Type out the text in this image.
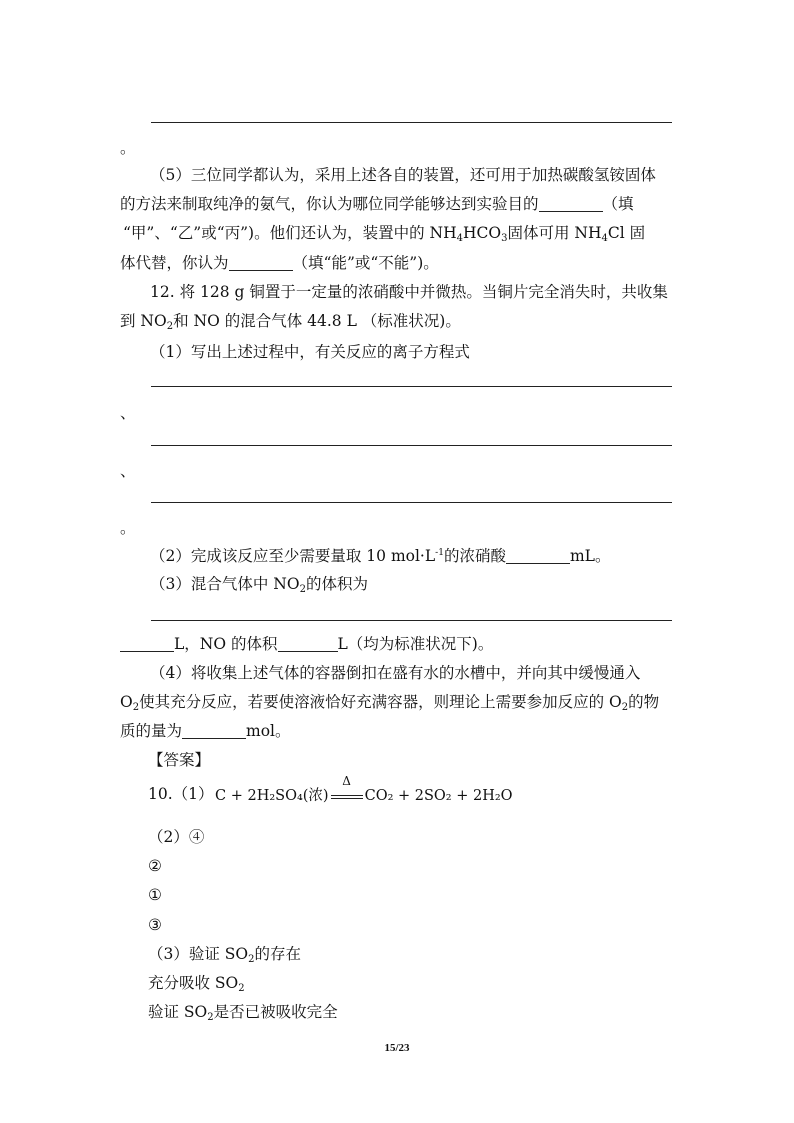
。
（5）三位同学都认为，采用上述各自的装置，还可用于加热碳酸氢铵固体
的方法来制取纯净的氨气，你认为哪位同学能够达到实验目的	（填
“甲”、“乙”或“丙”)。他们还认为，装置中的 $NH_4HCO_3$固体可用 $NH_4Cl$ 固
体代替，你认为	（填“能”或“不能”)。
12. 将 128 g 铜置于一定量的浓硝酸中并微热。当铜片完全消失时，共收集
到 $NO_2$和 NO 的混合气体 44.8 L （标准状况)。
（1）写出上述过程中，有关反应的离子方程式
、
、
。
（2）完成该反应至少需要量取 10 $mol\cdot L^{-1}$的浓硝酸	mL。
（3）混合气体中 $NO_2$的体积为
L，NO 的体积	L（均为标准状况下)。
（4）将收集上述气体的容器倒扣在盛有水的水槽中，并向其中缓慢通入
$O_2$使其充分反应，若要使溶液恰好充满容器，则理论上需要参加反应的 $O_2$的物
质的量为	mol。
【答案】
10.（1） C + 2H₂SO₄(浓)
Δ
CO₂ + 2SO₂ + 2H₂O
（2）④
②
①
③
（3）验证 $SO_2$的存在
充分吸收 $SO_2$
验证 $SO_2$是否已被吸收完全
15/23
